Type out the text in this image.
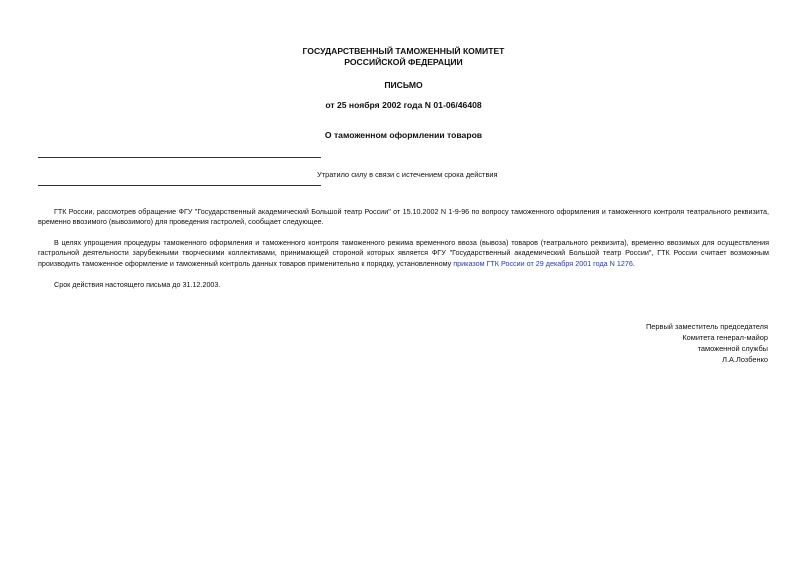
ГОСУДАРСТВЕННЫЙ ТАМОЖЕННЫЙ КОМИТЕТ
РОССИЙСКОЙ ФЕДЕРАЦИИ
ПИСЬМО
от 25 ноября 2002 года N 01-06/46408
О таможенном оформлении товаров
Утратило силу в связи с истечением срока действия
ГТК России, рассмотрев обращение ФГУ "Государственный академический Большой театр России" от 15.10.2002 N 1-9-96 по вопросу таможенного оформления и таможенного контроля театрального реквизита, временно ввозимого (вывозимого) для проведения гастролей, сообщает следующее.
В целях упрощения процедуры таможенного оформления и таможенного контроля таможенного режима временного ввоза (вывоза) товаров (театрального реквизита), временно ввозимых для осуществления гастрольной деятельности зарубежными творческими коллективами, принимающей стороной которых является ФГУ "Государственный академический Большой театр России", ГТК России считает возможным производить таможенное оформление и таможенный контроль данных товаров применительно к порядку, установленному приказом ГТК России от 29 декабря 2001 года N 1276.
Срок действия настоящего письма до 31.12.2003.
Первый заместитель председателя
Комитета генерал-майор
таможенной службы
Л.А.Лозбенко
